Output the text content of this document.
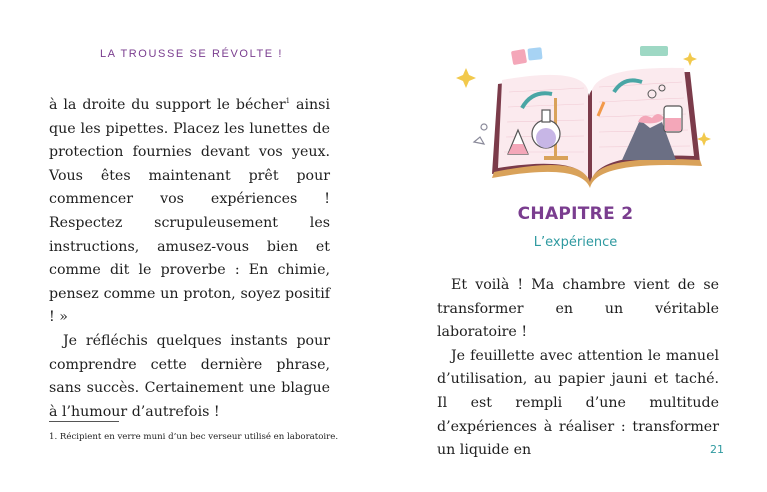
LA TROUSSE SE RÉVOLTE !

à la droite du support le bécher$^1$ ainsi que les pipettes. Placez les lunettes de protection fournies devant vos yeux. Vous êtes maintenant prêt pour commencer vos expériences ! Respectez scrupuleusement les instructions, amusez-vous bien et comme dit le proverbe : En chimie, pensez comme un proton, soyez positif ! »

Je réfléchis quelques instants pour comprendre cette dernière phrase, sans succès. Certainement une blague à l’humour d’autrefois !

1. Récipient en verre muni d’un bec verseur utilisé en laboratoire.
CHAPITRE 2
L’expérience

Et voilà ! Ma chambre vient de se transformer en un véritable laboratoire !

Je feuillette avec attention le manuel d’utilisation, au papier jauni et taché. Il est rempli d’une multitude d’expériences à réaliser : transformer un liquide en	21
